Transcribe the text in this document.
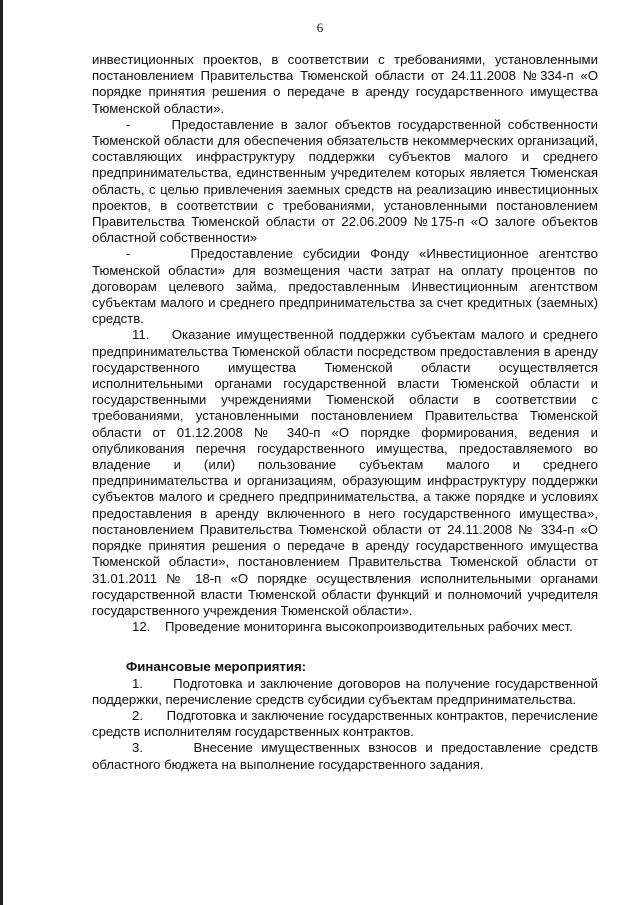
6

инвестиционных проектов, в соответствии с требованиями, установленными постановлением Правительства Тюменской области от 24.11.2008 №334-п «О порядке принятия решения о передаче в аренду государственного имущества Тюменской области».

-      Предоставление в залог объектов государственной собственности Тюменской области для обеспечения обязательств некоммерческих организаций, составляющих инфраструктуру поддержки субъектов малого и среднего предпринимательства, единственным учредителем которых является Тюменская область, с целью привлечения заемных средств на реализацию инвестиционных проектов, в соответствии с требованиями, установленными постановлением Правительства Тюменской области от 22.06.2009 №175-п «О залоге объектов областной собственности»

-      Предоставление субсидии Фонду «Инвестиционное агентство Тюменской области» для возмещения части затрат на оплату процентов по договорам целевого займа, предоставленным Инвестиционным агентством субъектам малого и среднего предпринимательства за счет кредитных (заемных) средств.

11.    Оказание имущественной поддержки субъектам малого и среднего предпринимательства Тюменской области посредством предоставления в аренду государственного имущества Тюменской области осуществляется исполнительными органами государственной власти Тюменской области и государственными учреждениями Тюменской области в соответствии с требованиями, установленными постановлением Правительства Тюменской области от 01.12.2008 № 340-п «О порядке формирования, ведения и опубликования перечня государственного имущества, предоставляемого во владение и (или) пользование субъектам малого и среднего предпринимательства и организациям, образующим инфраструктуру поддержки субъектов малого и среднего предпринимательства, а также порядке и условиях предоставления в аренду включенного в него государственного имущества», постановлением Правительства Тюменской области от 24.11.2008 № 334-п «О порядке принятия решения о передаче в аренду государственного имущества Тюменской области», постановлением Правительства Тюменской области от 31.01.2011 № 18-п «О порядке осуществления исполнительными органами государственной власти Тюменской области функций и полномочий учредителя государственного учреждения Тюменской области».

12.    Проведение мониторинга высокопроизводительных рабочих мест.

Финансовые мероприятия:

1.      Подготовка и заключение договоров на получение государственной поддержки, перечисление средств субсидии субъектам предпринимательства.

2.      Подготовка и заключение государственных контрактов, перечисление средств исполнителям государственных контрактов.

3.      Внесение имущественных взносов и предоставление средств областного бюджета на выполнение государственного задания.
